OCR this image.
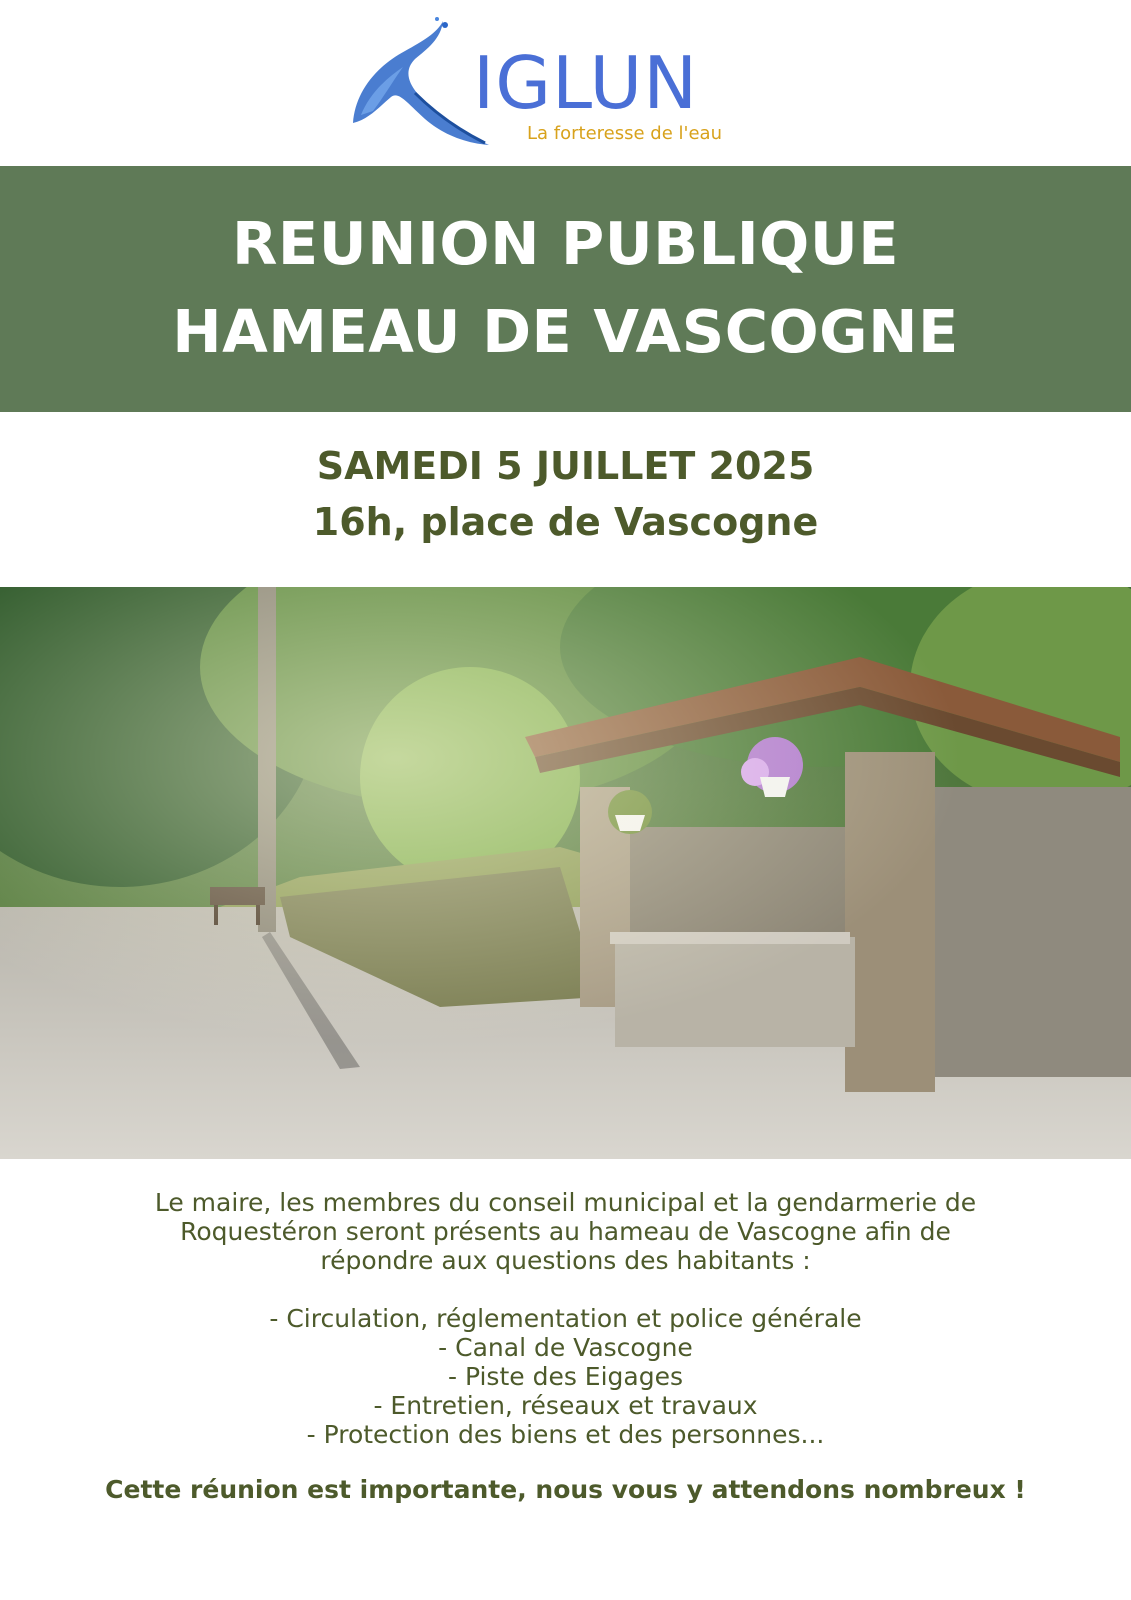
IGLUN
La forteresse de l'eau
REUNION PUBLIQUE
HAMEAU DE VASCOGNE
SAMEDI 5 JUILLET 2025
16h, place de Vascogne

Le maire, les membres du conseil municipal et la gendarmerie de
Roquestéron seront présents au hameau de Vascogne afin de
répondre aux questions des habitants :

- Circulation, réglementation et police générale
- Canal de Vascogne
- Piste des Eigages
- Entretien, réseaux et travaux
- Protection des biens et des personnes...
Cette réunion est importante, nous vous y attendons nombreux !
